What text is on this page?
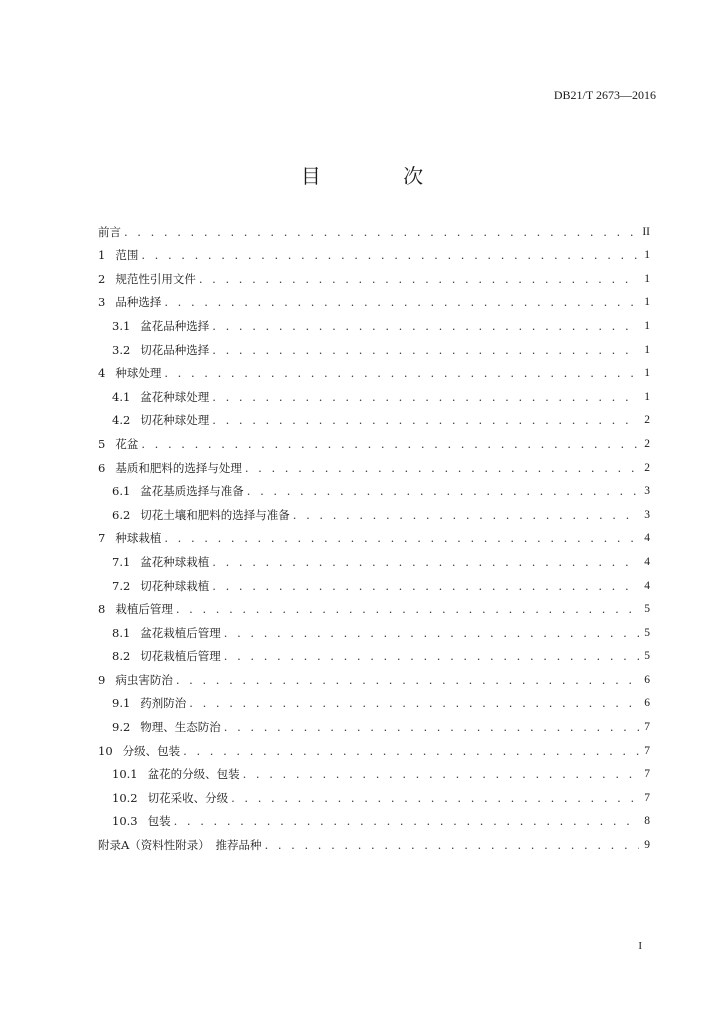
DB21/T 2673—2016
目 次
前言 . . .	II
1 范围 . . .	1
2 规范性引用文件 . . .	1
3 品种选择 . . .	1
3.1 盆花品种选择 . . .	1
3.2 切花品种选择 . . .	1
4 种球处理 . . .	1
4.1 盆花种球处理 . . .	1
4.2 切花种球处理 . . .	2
5 花盆 . . .	2
6 基质和肥料的选择与处理 . . .	2
6.1 盆花基质选择与准备 . . .	3
6.2 切花土壤和肥料的选择与准备 . . .	3
7 种球栽植 . . .	4
7.1 盆花种球栽植 . . .	4
7.2 切花种球栽植 . . .	4
8 栽植后管理 . . .	5
8.1 盆花栽植后管理 . . .	5
8.2 切花栽植后管理 . . .	5
9 病虫害防治 . . .	6
9.1 药剂防治 . . .	6
9.2 物理、生态防治 . . .	7
10 分级、包装 . . .	7
10.1 盆花的分级、包装 . . .	7
10.2 切花采收、分级 . . .	7
10.3 包装 . . .	8
附录A（资料性附录）　推荐品种 . . .	9
I
